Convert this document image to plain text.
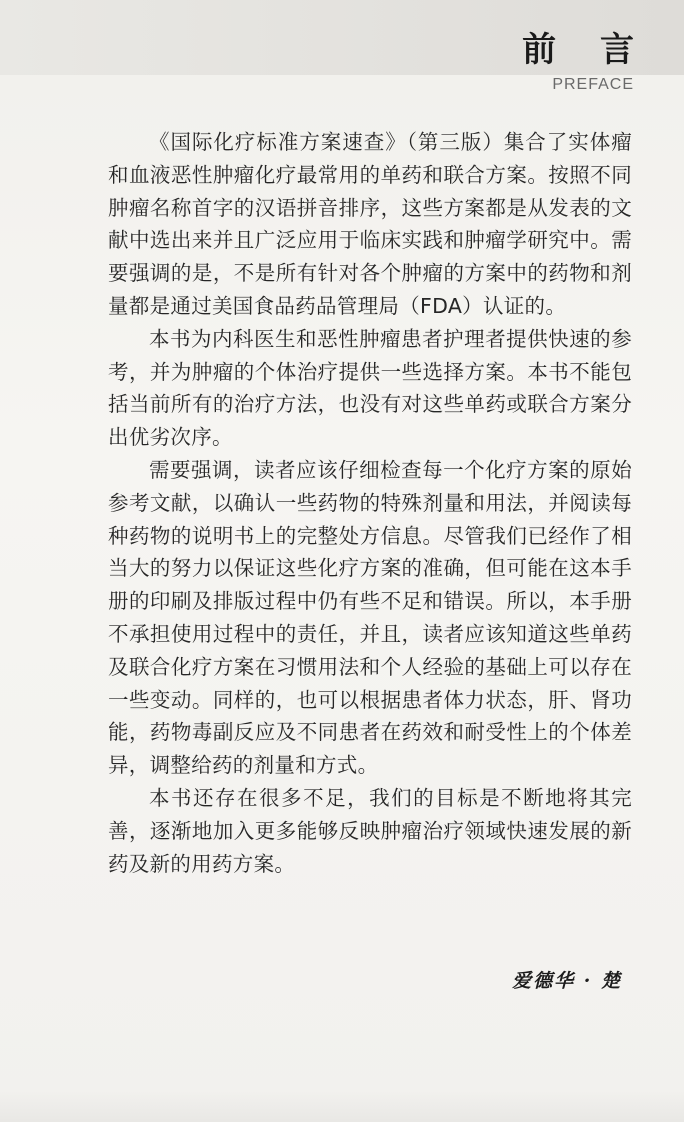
前 言
PREFACE

《国际化疗标准方案速查》（第三版）集合了实体瘤和血液恶性肿瘤化疗最常用的单药和联合方案。按照不同肿瘤名称首字的汉语拼音排序，这些方案都是从发表的文献中选出来并且广泛应用于临床实践和肿瘤学研究中。需要强调的是，不是所有针对各个肿瘤的方案中的药物和剂量都是通过美国食品药品管理局（FDA）认证的。

本书为内科医生和恶性肿瘤患者护理者提供快速的参考，并为肿瘤的个体治疗提供一些选择方案。本书不能包括当前所有的治疗方法，也没有对这些单药或联合方案分出优劣次序。

需要强调，读者应该仔细检查每一个化疗方案的原始参考文献，以确认一些药物的特殊剂量和用法，并阅读每种药物的说明书上的完整处方信息。尽管我们已经作了相当大的努力以保证这些化疗方案的准确，但可能在这本手册的印刷及排版过程中仍有些不足和错误。所以，本手册不承担使用过程中的责任，并且，读者应该知道这些单药及联合化疗方案在习惯用法和个人经验的基础上可以存在一些变动。同样的，也可以根据患者体力状态，肝、肾功能，药物毒副反应及不同患者在药效和耐受性上的个体差异，调整给药的剂量和方式。

本书还存在很多不足，我们的目标是不断地将其完善，逐渐地加入更多能够反映肿瘤治疗领域快速发展的新药及新的用药方案。

爱德华 · 楚
